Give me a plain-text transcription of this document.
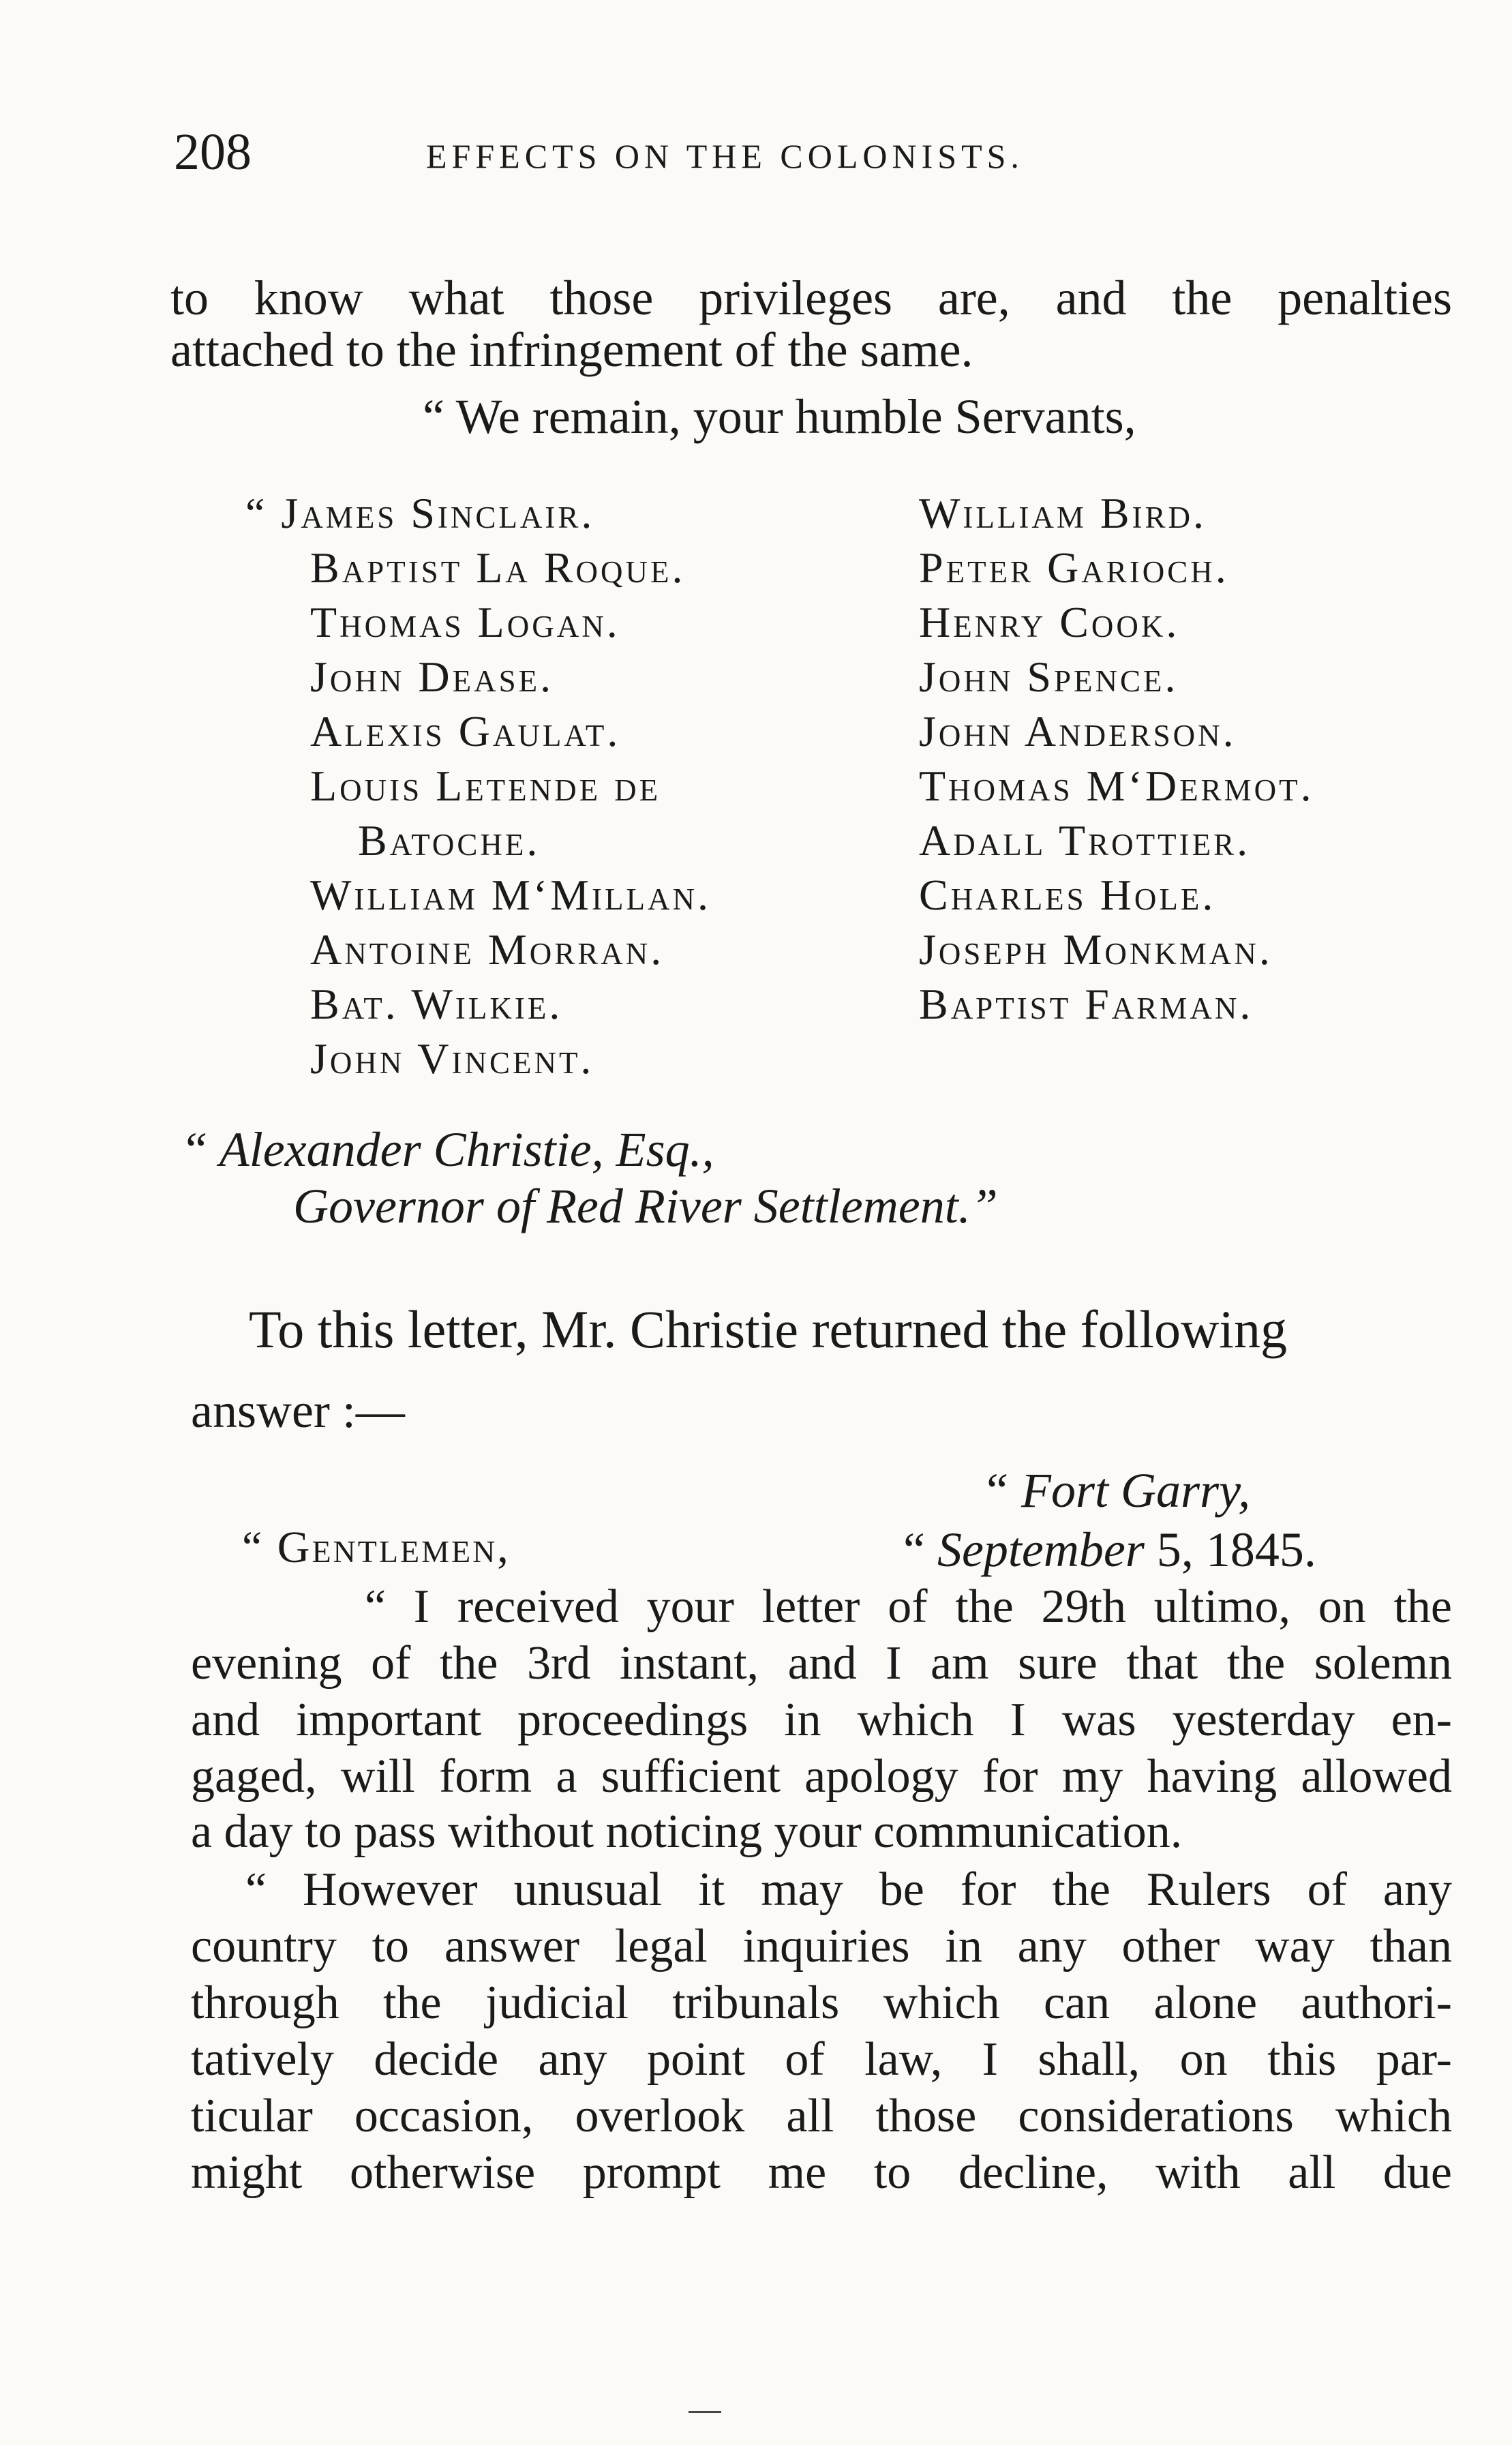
208	EFFECTS ON THE COLONISTS.
to know what those privileges are, and the penalties
attached to the infringement of the same.
“ We remain, your humble Servants,
“ James Sinclair.
Baptist La Roque.
Thomas Logan.
John Dease.
Alexis Gaulat.
Louis Letende de
Batoche.
William M‘Millan.
Antoine Morran.
Bat. Wilkie.
John Vincent.
William Bird.
Peter Garioch.
Henry Cook.
John Spence.
John Anderson.
Thomas M‘Dermot.
Adall Trottier.
Charles Hole.
Joseph Monkman.
Baptist Farman.
“ Alexander Christie, Esq.,
Governor of Red River Settlement.”
To this letter, Mr. Christie returned the following
answer :—
“ Fort Garry,
“ Gentlemen,	“ September 5, 1845.
“ I received your letter of the 29th ultimo, on the
evening of the 3rd instant, and I am sure that the solemn
and important proceedings in which I was yesterday en-
gaged, will form a sufficient apology for my having allowed
a day to pass without noticing your communication.
“ However unusual it may be for the Rulers of any
country to answer legal inquiries in any other way than
through the judicial tribunals which can alone authori-
tatively decide any point of law, I shall, on this par-
ticular occasion, overlook all those considerations which
might otherwise prompt me to decline, with all due
